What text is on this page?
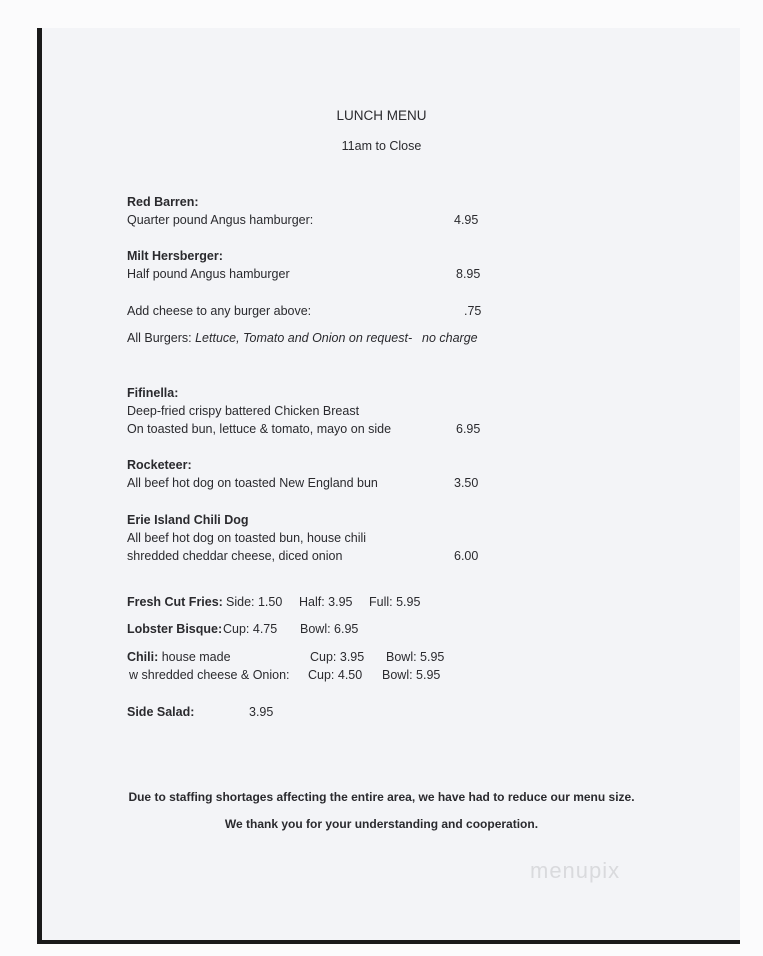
LUNCH MENU
11am to Close
Red Barren:
Quarter pound Angus hamburger:	4.95
Milt Hersberger:
Half pound Angus hamburger	8.95
Add cheese to any burger above:	.75
All Burgers: Lettuce, Tomato and Onion on request- no charge
Fifinella:
Deep-fried crispy battered Chicken Breast
On toasted bun, lettuce & tomato, mayo on side	6.95
Rocketeer:
All beef hot dog on toasted New England bun	3.50
Erie Island Chili Dog
All beef hot dog on toasted bun, house chili
shredded cheddar cheese, diced onion	6.00
Fresh Cut Fries: Side: 1.50 Half: 3.95 Full: 5.95
Lobster Bisque: Cup: 4.75 Bowl: 6.95
Chili: house made	Cup: 3.95 Bowl: 5.95
w shredded cheese & Onion: Cup: 4.50 Bowl: 5.95
Side Salad:	3.95
Due to staffing shortages affecting the entire area, we have had to reduce our menu size.
We thank you for your understanding and cooperation.
menupix
